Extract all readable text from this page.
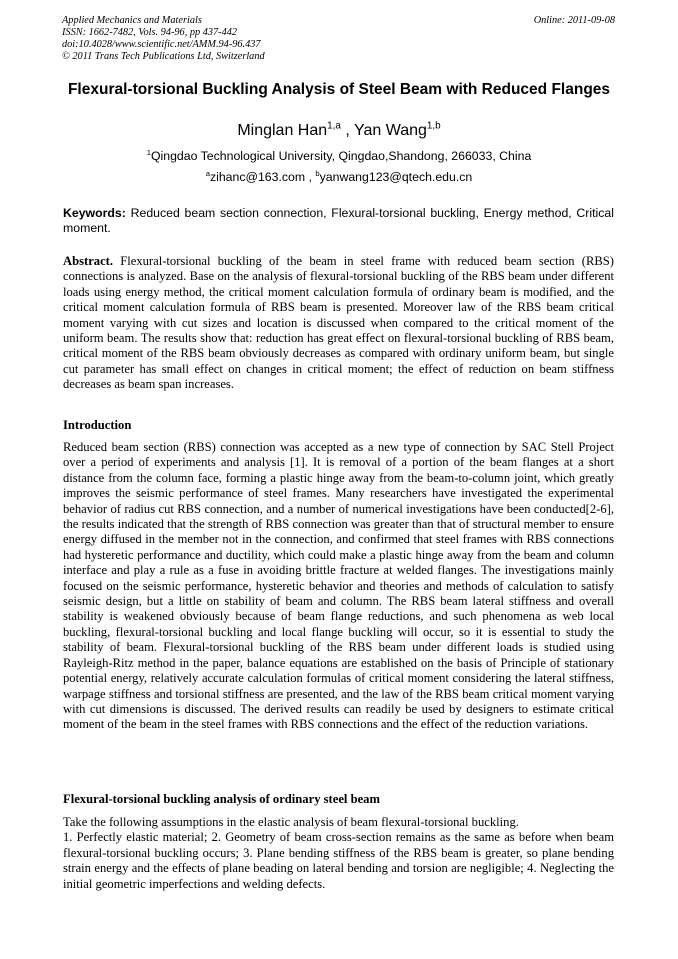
Applied Mechanics and Materials
ISSN: 1662-7482, Vols. 94-96, pp 437-442
doi:10.4028/www.scientific.net/AMM.94-96.437
© 2011 Trans Tech Publications Ltd, Switzerland
Online: 2011-09-08
Flexural-torsional Buckling Analysis of Steel Beam with Reduced Flanges
Minglan Han$^{1,a}$ , Yan Wang$^{1,b}$
$^1$Qingdao Technological University, Qingdao,Shandong, 266033, China
$^a$zihanc@163.com , $^b$yanwang123@qtech.edu.cn
Keywords: Reduced beam section connection, Flexural-torsional buckling, Energy method, Critical moment.
Abstract. Flexural-torsional buckling of the beam in steel frame with reduced beam section (RBS) connections is analyzed. Base on the analysis of flexural-torsional buckling of the RBS beam under different loads using energy method, the critical moment calculation formula of ordinary beam is modified, and the critical moment calculation formula of RBS beam is presented. Moreover law of the RBS beam critical moment varying with cut sizes and location is discussed when compared to the critical moment of the uniform beam. The results show that: reduction has great effect on flexural-torsional buckling of RBS beam, critical moment of the RBS beam obviously decreases as compared with ordinary uniform beam, but single cut parameter has small effect on changes in critical moment; the effect of reduction on beam stiffness decreases as beam span increases.
Introduction
Reduced beam section (RBS) connection was accepted as a new type of connection by SAC Stell Project over a period of experiments and analysis [1]. It is removal of a portion of the beam flanges at a short distance from the column face, forming a plastic hinge away from the beam-to-column joint, which greatly improves the seismic performance of steel frames. Many researchers have investigated the experimental behavior of radius cut RBS connection, and a number of numerical investigations have been conducted[2-6], the results indicated that the strength of RBS connection was greater than that of structural member to ensure energy diffused in the member not in the connection, and confirmed that steel frames with RBS connections had hysteretic performance and ductility, which could make a plastic hinge away from the beam and column interface and play a rule as a fuse in avoiding brittle fracture at welded flanges. The investigations mainly focused on the seismic performance, hysteretic behavior and theories and methods of calculation to satisfy seismic design, but a little on stability of beam and column. The RBS beam lateral stiffness and overall stability is weakened obviously because of beam flange reductions, and such phenomena as web local buckling, flexural-torsional buckling and local flange buckling will occur, so it is essential to study the stability of beam. Flexural-torsional buckling of the RBS beam under different loads is studied using Rayleigh-Ritz method in the paper, balance equations are established on the basis of Principle of stationary potential energy, relatively accurate calculation formulas of critical moment considering the lateral stiffness, warpage stiffness and torsional stiffness are presented, and the law of the RBS beam critical moment varying with cut dimensions is discussed. The derived results can readily be used by designers to estimate critical moment of the beam in the steel frames with RBS connections and the effect of the reduction variations.
Flexural-torsional buckling analysis of ordinary steel beam
Take the following assumptions in the elastic analysis of beam flexural-torsional buckling.
1. Perfectly elastic material; 2. Geometry of beam cross-section remains as the same as before when beam flexural-torsional buckling occurs; 3. Plane bending stiffness of the RBS beam is greater, so plane bending strain energy and the effects of plane beading on lateral bending and torsion are negligible; 4. Neglecting the initial geometric imperfections and welding defects.
